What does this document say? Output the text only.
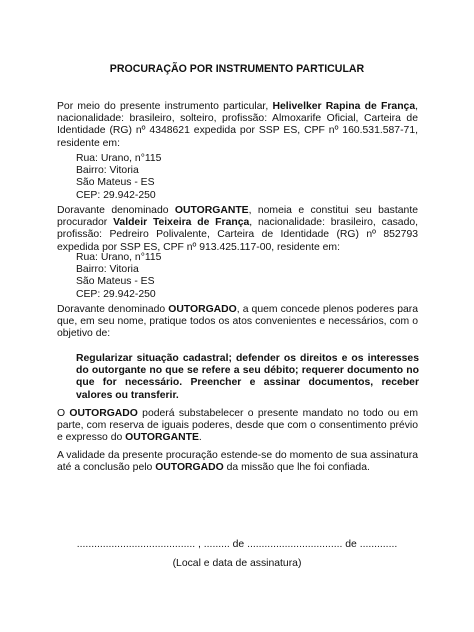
PROCURAÇÃO POR INSTRUMENTO PARTICULAR
Por meio do presente instrumento particular, Helivelker Rapina de França, nacionalidade: brasileiro, solteiro, profissão: Almoxarife Oficial, Carteira de Identidade (RG) nº 4348621 expedida por SSP ES, CPF nº 160.531.587-71, residente em:
Rua: Urano, n°115
Bairro: Vitoria
São Mateus - ES
CEP: 29.942-250
Doravante denominado OUTORGANTE, nomeia e constitui seu bastante procurador Valdeir Teixeira de França, nacionalidade: brasileiro, casado, profissão: Pedreiro Polivalente, Carteira de Identidade (RG) nº 852793 expedida por SSP ES, CPF nº 913.425.117-00, residente em:
Rua: Urano, n°115
Bairro: Vitoria
São Mateus - ES
CEP: 29.942-250
Doravante denominado OUTORGADO, a quem concede plenos poderes para que, em seu nome, pratique todos os atos convenientes e necessários, com o objetivo de:
Regularizar situação cadastral; defender os direitos e os interesses do outorgante no que se refere a seu débito; requerer documento no que for necessário. Preencher e assinar documentos, receber valores ou transferir.
O OUTORGADO poderá substabelecer o presente mandato no todo ou em parte, com reserva de iguais poderes, desde que com o consentimento prévio e expresso do OUTORGANTE.
A validade da presente procuração estende-se do momento de sua assinatura até a conclusão pelo OUTORGADO da missão que lhe foi confiada.
......................................... , ......... de ................................. de .............
(Local e data de assinatura)
